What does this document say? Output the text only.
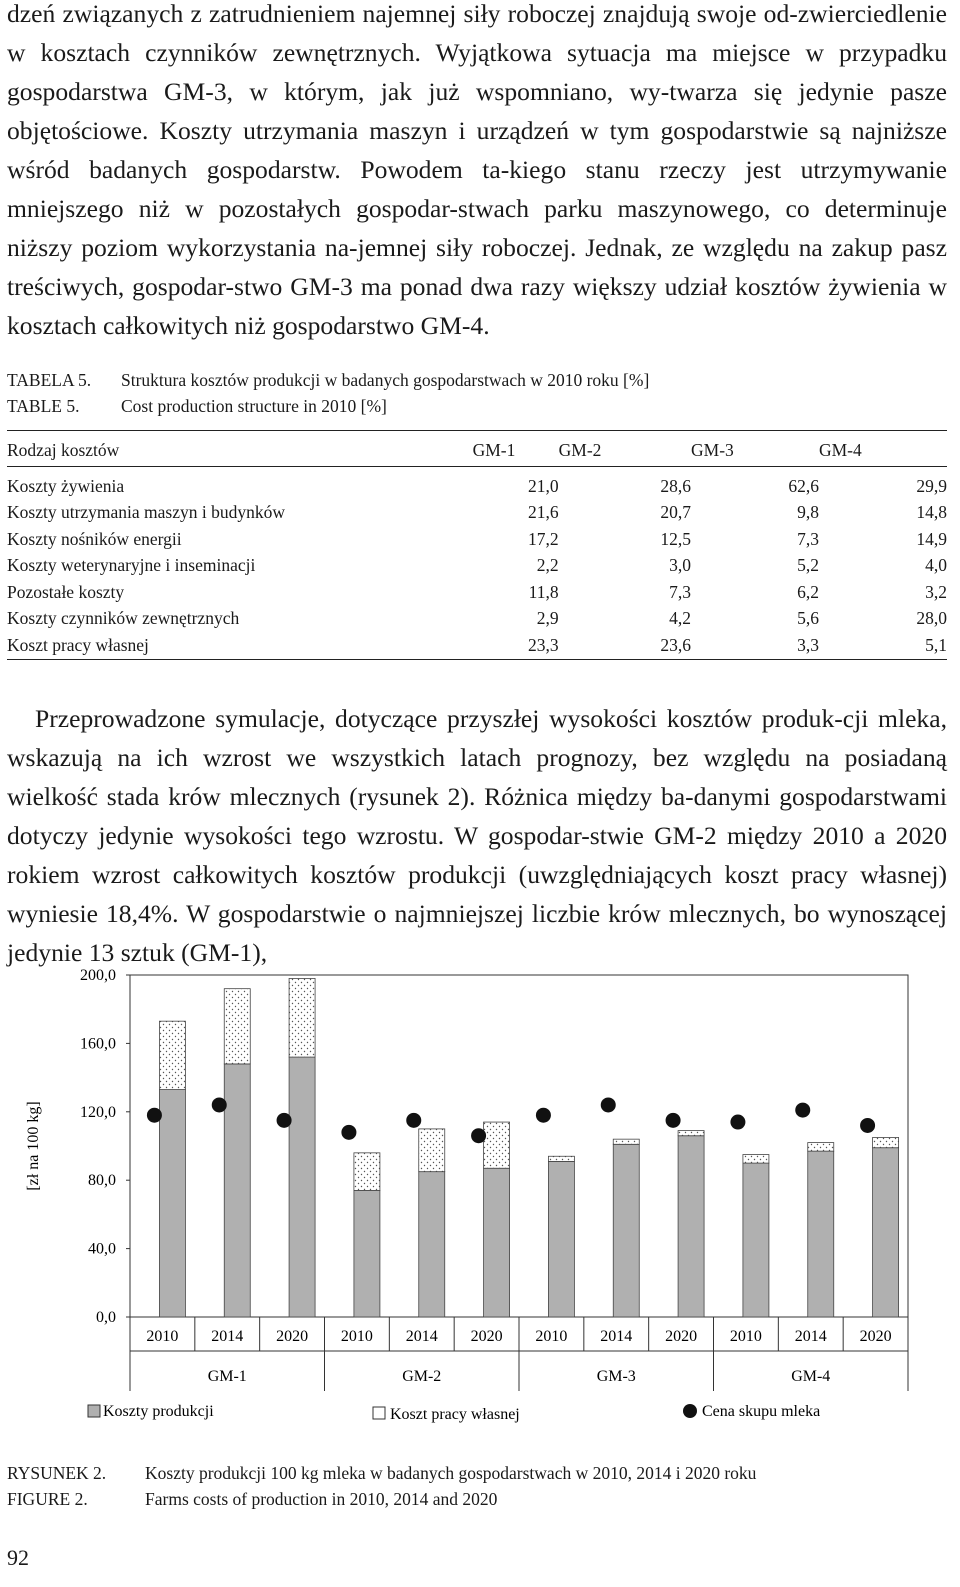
dzeń związanych z zatrudnieniem najemnej siły roboczej znajdują swoje od-zwierciedlenie w kosztach czynników zewnętrznych. Wyjątkowa sytuacja ma miejsce w przypadku gospodarstwa GM-3, w którym, jak już wspomniano, wy-twarza się jedynie pasze objętościowe. Koszty utrzymania maszyn i urządzeń w tym gospodarstwie są najniższe wśród badanych gospodarstw. Powodem ta-kiego stanu rzeczy jest utrzymywanie mniejszego niż w pozostałych gospodar-stwach parku maszynowego, co determinuje niższy poziom wykorzystania na-jemnej siły roboczej. Jednak, ze względu na zakup pasz treściwych, gospodar-stwo GM-3 ma ponad dwa razy większy udział kosztów żywienia w kosztach całkowitych niż gospodarstwo GM-4.

TABELA 5. Struktura kosztów produkcji w badanych gospodarstwach w 2010 roku [%]
TABLE 5. Cost production structure in 2010 [%]
Rodzaj kosztów	GM-1	GM-2	GM-3	GM-4
Koszty żywienia	21,0	28,6	62,6	29,9
Koszty utrzymania maszyn i budynków	21,6	20,7	9,8	14,8
Koszty nośników energii	17,2	12,5	7,3	14,9
Koszty weterynaryjne i inseminacji	2,2	3,0	5,2	4,0
Pozostałe koszty	11,8	7,3	6,2	3,2
Koszty czynników zewnętrznych	2,9	4,2	5,6	28,0
Koszt pracy własnej	23,3	23,6	3,3	5,1

Przeprowadzone symulacje, dotyczące przyszłej wysokości kosztów produk-cji mleka, wskazują na ich wzrost we wszystkich latach prognozy, bez względu na posiadaną wielkość stada krów mlecznych (rysunek 2). Różnica między ba-danymi gospodarstwami dotyczy jedynie wysokości tego wzrostu. W gospodar-stwie GM-2 między 2010 a 2020 rokiem wzrost całkowitych kosztów produkcji (uwzględniających koszt pracy własnej) wyniesie 18,4%. W gospodarstwie o najmniejszej liczbie krów mlecznych, bo wynoszącej jedynie 13 sztuk (GM-1),

0,0
40,0
80,0
120,0
160,0
200,0
[zł na 100 kg]
2010 2014 2020 2010 2014 2020 2010 2014 2020 2010 2014 2020
GM-1	GM-2	GM-3	GM-4
Koszty produkcji	Koszt pracy własnej	Cena skupu mleka
RYSUNEK 2. Koszty produkcji 100 kg mleka w badanych gospodarstwach w 2010, 2014 i 2020 roku
FIGURE 2.	Farms costs of production in 2010, 2014 and 2020
92
